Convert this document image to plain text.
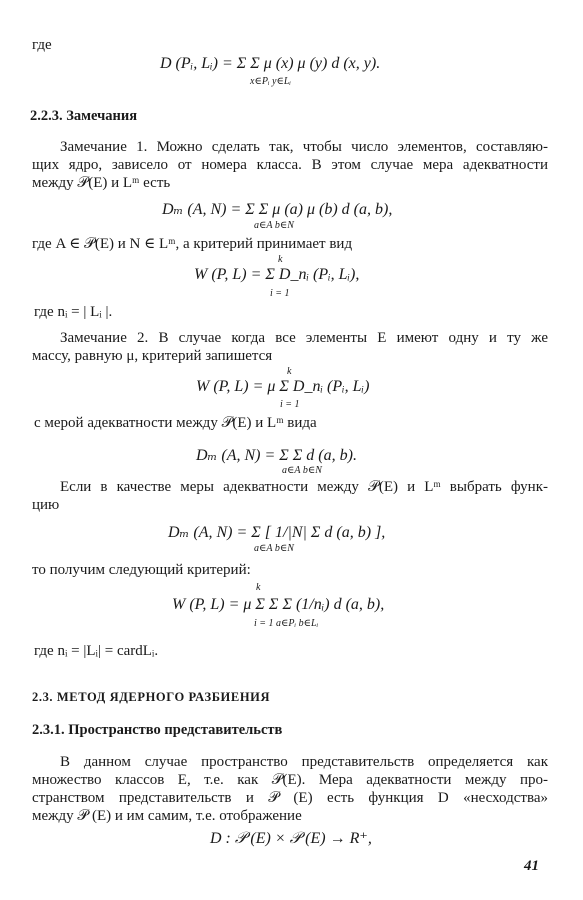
где
D (Pᵢ, Lᵢ) = Σ Σ μ (x) μ (y) d (x, y).
x∈Pᵢ y∈Lᵢ
2.2.3. Замечания
Замечание 1. Можно сделать так, чтобы число элементов, составляю-
щих ядро, зависело от номера класса. В этом случае мера адекватности
между 𝒫(E) и Lᵐ есть
Dₘ (A, N) = Σ Σ μ (a) μ (b) d (a, b),
a∈A b∈N
где A ∈ 𝒫(E) и N ∈ Lᵐ, а критерий принимает вид
k
W (P, L) = Σ D_nᵢ (Pᵢ, Lᵢ),
i = 1
где nᵢ = | Lᵢ |.
Замечание 2. В случае когда все элементы E имеют одну и ту же
массу, равную μ, критерий запишется
k
W (P, L) = μ Σ D_nᵢ (Pᵢ, Lᵢ)
i = 1
с мерой адекватности между 𝒫(E) и Lᵐ вида
Dₘ (A, N) = Σ Σ d (a, b).
a∈A b∈N
Если в качестве меры адекватности между 𝒫(E) и Lᵐ выбрать функ-
цию
Dₘ (A, N) = Σ [ 1/|N| Σ d (a, b) ],
a∈A b∈N
то получим следующий критерий:
k
W (P, L) = μ Σ Σ Σ (1/nᵢ) d (a, b),
i = 1 a∈Pᵢ b∈Lᵢ
где nᵢ = |Lᵢ| = cardLᵢ.
2.3. МЕТОД ЯДЕРНОГО РАЗБИЕНИЯ
2.3.1. Пространство представительств
В данном случае пространство представительств определяется как
множество классов E, т.е. как 𝒫(E). Мера адекватности между про-
странством представительств и 𝒫 (E) есть функция D «несходства»
между 𝒫 (E) и им самим, т.е. отображение
D : 𝒫 (E) × 𝒫 (E) → R⁺,
41
